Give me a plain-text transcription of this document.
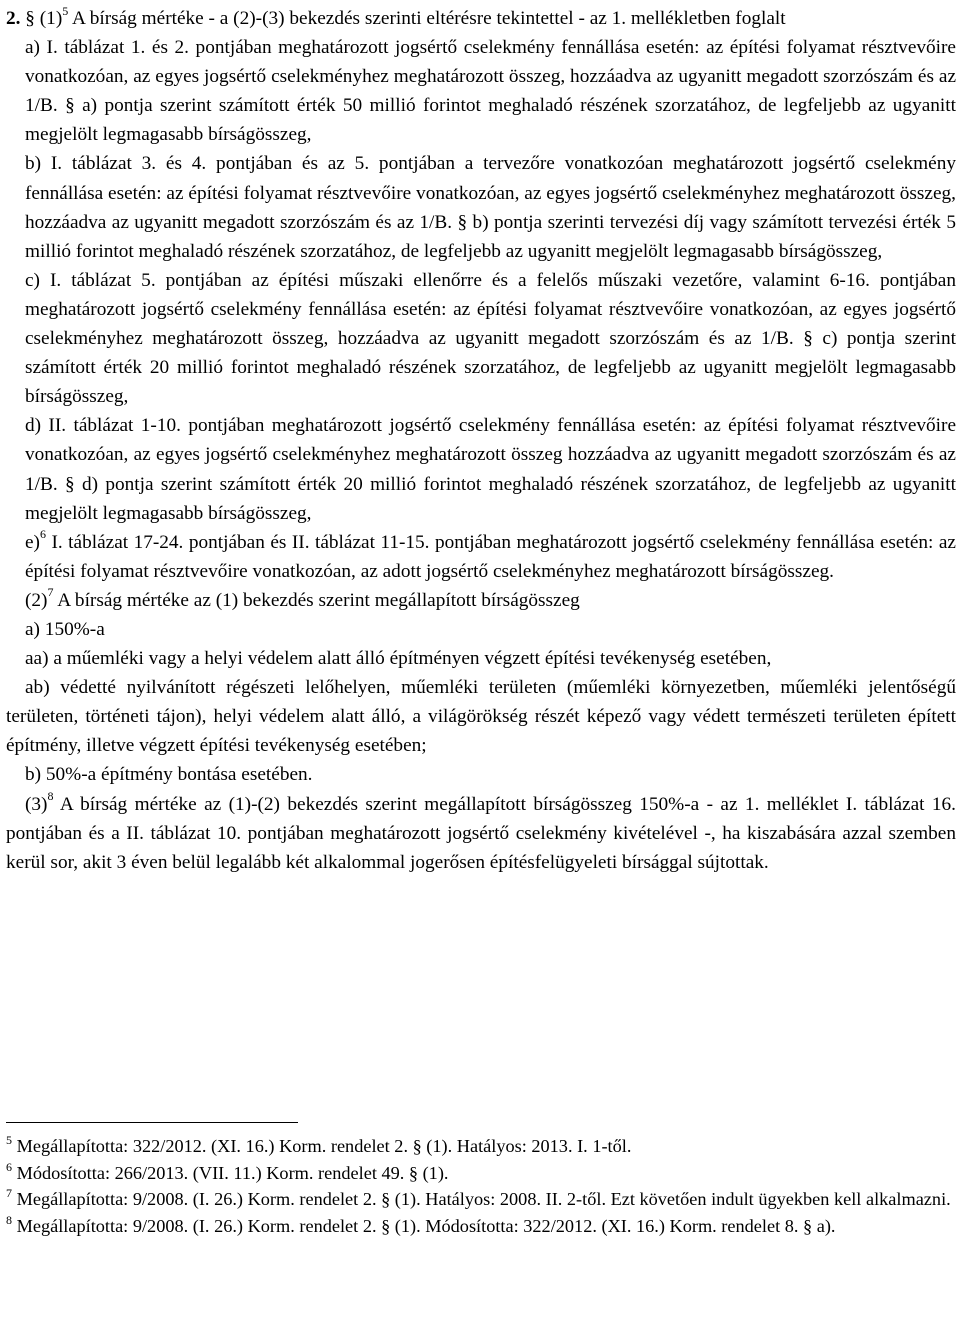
2. § $(1)^5$ A bírság mértéke - a (2)-(3) bekezdés szerinti eltérésre tekintettel - az 1. mellékletben foglalt

a) I. táblázat 1. és 2. pontjában meghatározott jogsértő cselekmény fennállása esetén: az építési folyamat résztvevőire vonatkozóan, az egyes jogsértő cselekményhez meghatározott összeg, hozzáadva az ugyanitt megadott szorzószám és az 1/B. § a) pontja szerint számított érték 50 millió forintot meghaladó részének szorzatához, de legfeljebb az ugyanitt megjelölt legmagasabb bírságösszeg,

b) I. táblázat 3. és 4. pontjában és az 5. pontjában a tervezőre vonatkozóan meghatározott jogsértő cselekmény fennállása esetén: az építési folyamat résztvevőire vonatkozóan, az egyes jogsértő cselekményhez meghatározott összeg, hozzáadva az ugyanitt megadott szorzószám és az 1/B. § b) pontja szerinti tervezési díj vagy számított tervezési érték 5 millió forintot meghaladó részének szorzatához, de legfeljebb az ugyanitt megjelölt legmagasabb bírságösszeg,

c) I. táblázat 5. pontjában az építési műszaki ellenőrre és a felelős műszaki vezetőre, valamint 6-16. pontjában meghatározott jogsértő cselekmény fennállása esetén: az építési folyamat résztvevőire vonatkozóan, az egyes jogsértő cselekményhez meghatározott összeg, hozzáadva az ugyanitt megadott szorzószám és az 1/B. § c) pontja szerint számított érték 20 millió forintot meghaladó részének szorzatához, de legfeljebb az ugyanitt megjelölt legmagasabb bírságösszeg,

d) II. táblázat 1-10. pontjában meghatározott jogsértő cselekmény fennállása esetén: az építési folyamat résztvevőire vonatkozóan, az egyes jogsértő cselekményhez meghatározott összeg hozzáadva az ugyanitt megadott szorzószám és az 1/B. § d) pontja szerint számított érték 20 millió forintot meghaladó részének szorzatához, de legfeljebb az ugyanitt megjelölt legmagasabb bírságösszeg,

e)$^6$ I. táblázat 17-24. pontjában és II. táblázat 11-15. pontjában meghatározott jogsértő cselekmény fennállása esetén: az építési folyamat résztvevőire vonatkozóan, az adott jogsértő cselekményhez meghatározott bírságösszeg.

$(2)^7$ A bírság mértéke az (1) bekezdés szerint megállapított bírságösszeg

a) 150%-a

aa) a műemléki vagy a helyi védelem alatt álló építményen végzett építési tevékenység esetében,

ab) védetté nyilvánított régészeti lelőhelyen, műemléki területen (műemléki környezetben, műemléki jelentőségű területen, történeti tájon), helyi védelem alatt álló, a világörökség részét képező vagy védett természeti területen épített építmény, illetve végzett építési tevékenység esetében;

b) 50%-a építmény bontása esetében.

$(3)^8$ A bírság mértéke az (1)-(2) bekezdés szerint megállapított bírságösszeg 150%-a - az 1. melléklet I. táblázat 16. pontjában és a II. táblázat 10. pontjában meghatározott jogsértő cselekmény kivételével -, ha kiszabására azzal szemben kerül sor, akit 3 éven belül legalább két alkalommal jogerősen építésfelügyeleti bírsággal sújtottak.

$^5$ Megállapította: 322/2012. (XI. 16.) Korm. rendelet 2. § (1). Hatályos: 2013. I. 1-től.

$^6$ Módosította: 266/2013. (VII. 11.) Korm. rendelet 49. § (1).

$^7$ Megállapította: 9/2008. (I. 26.) Korm. rendelet 2. § (1). Hatályos: 2008. II. 2-től. Ezt követően indult ügyekben kell alkalmazni.

$^8$ Megállapította: 9/2008. (I. 26.) Korm. rendelet 2. § (1). Módosította: 322/2012. (XI. 16.) Korm. rendelet 8. § a).
